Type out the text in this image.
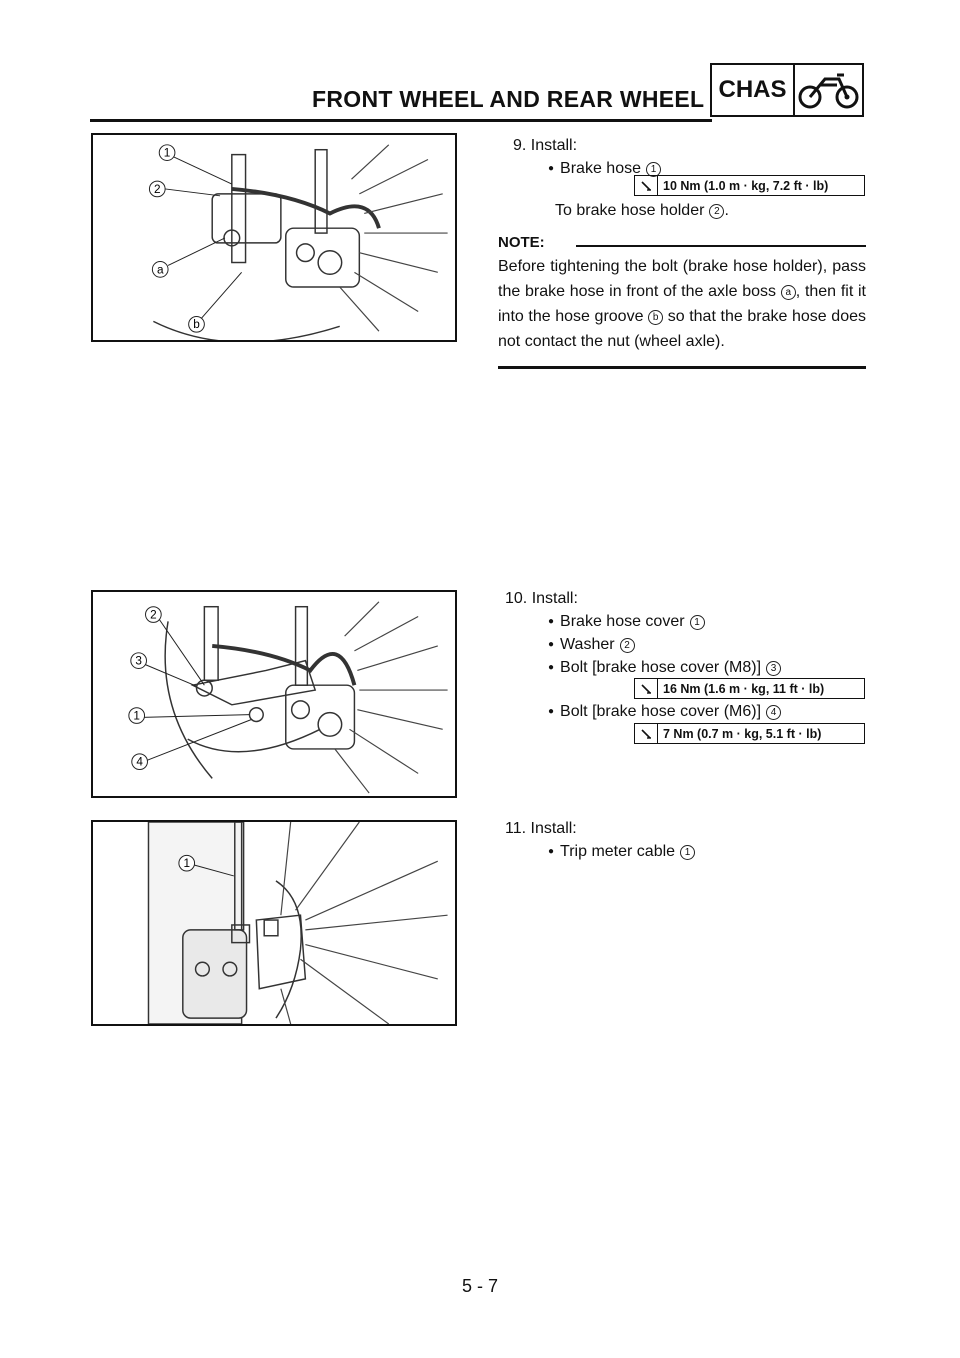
FRONT WHEEL AND REAR WHEEL CHAS
1
2
a
b
9. Install:
● Brake hose 1
10 Nm (1.0 m · kg, 7.2 ft · lb)
To brake hose holder 2 .
NOTE:
Before tightening the bolt (brake hose holder), pass the brake hose in front of the axle boss a , then fit it into the hose groove b so that the brake hose does not contact the nut (wheel axle).
2
3
1
4
10. Install:
● Brake hose cover 1
● Washer 2
● Bolt [brake hose cover (M8)] 3
16 Nm (1.6 m · kg, 11 ft · lb)
● Bolt [brake hose cover (M6)] 4
7 Nm (0.7 m · kg, 5.1 ft · lb)
1
11. Install:
● Trip meter cable 1
5 - 7
